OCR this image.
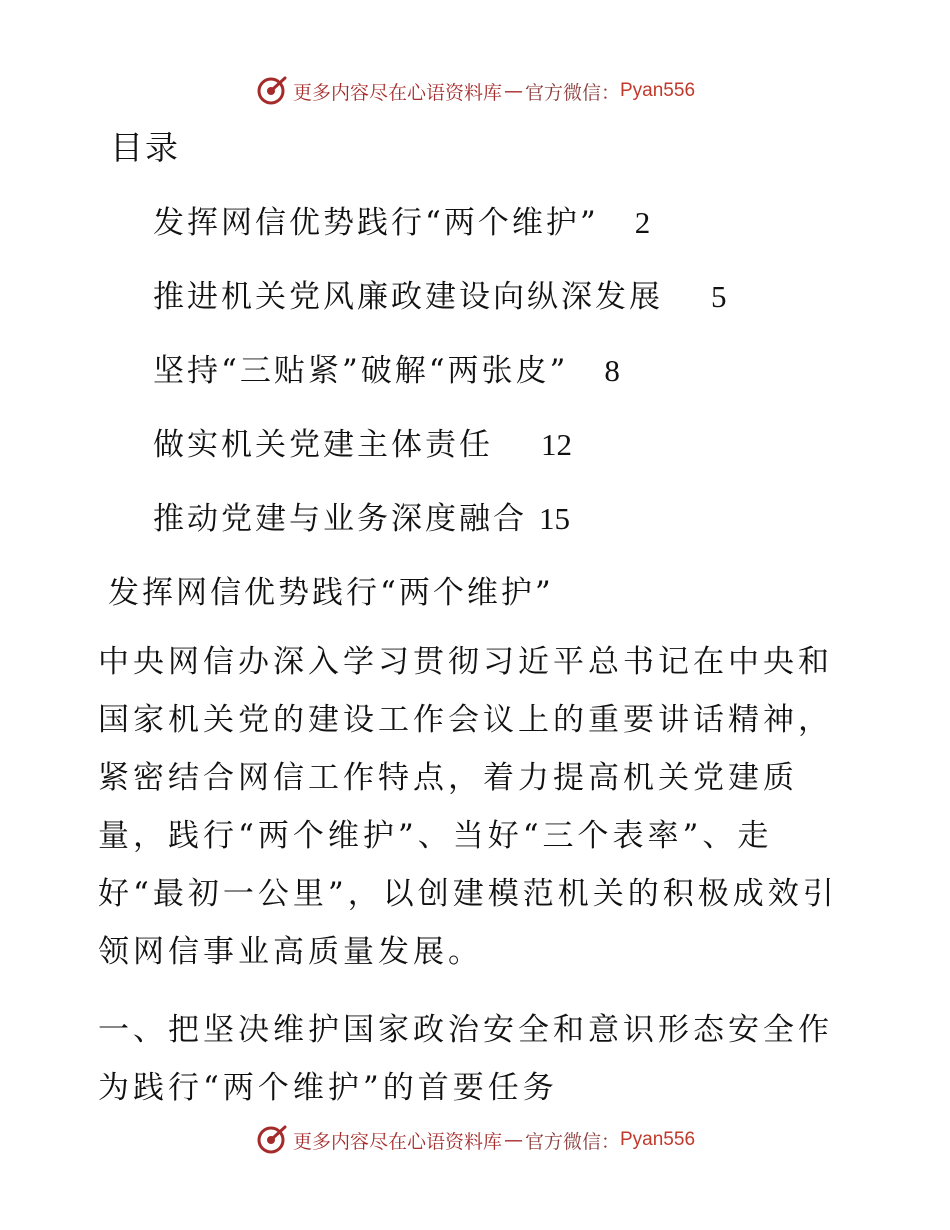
更多内容尽在心语资料库 — 官方微信： Pyan556
目录
发挥网信优势践行“两个维护” 2
推进机关党风廉政建设向纵深发展 5
坚持“三贴紧”破解“两张皮” 8
做实机关党建主体责任 12
推动党建与业务深度融合 15
发挥网信优势践行“两个维护”
中央网信办深入学习贯彻习近平总书记在中央和国家机关党的建设工作会议上的重要讲话精神，紧密结合网信工作特点，着力提高机关党建质量，践行“两个维护”、当好“三个表率”、走好“最初一公里”，以创建模范机关的积极成效引领网信事业高质量发展。
一、把坚决维护国家政治安全和意识形态安全作为践行“两个维护”的首要任务
更多内容尽在心语资料库 — 官方微信： Pyan556
